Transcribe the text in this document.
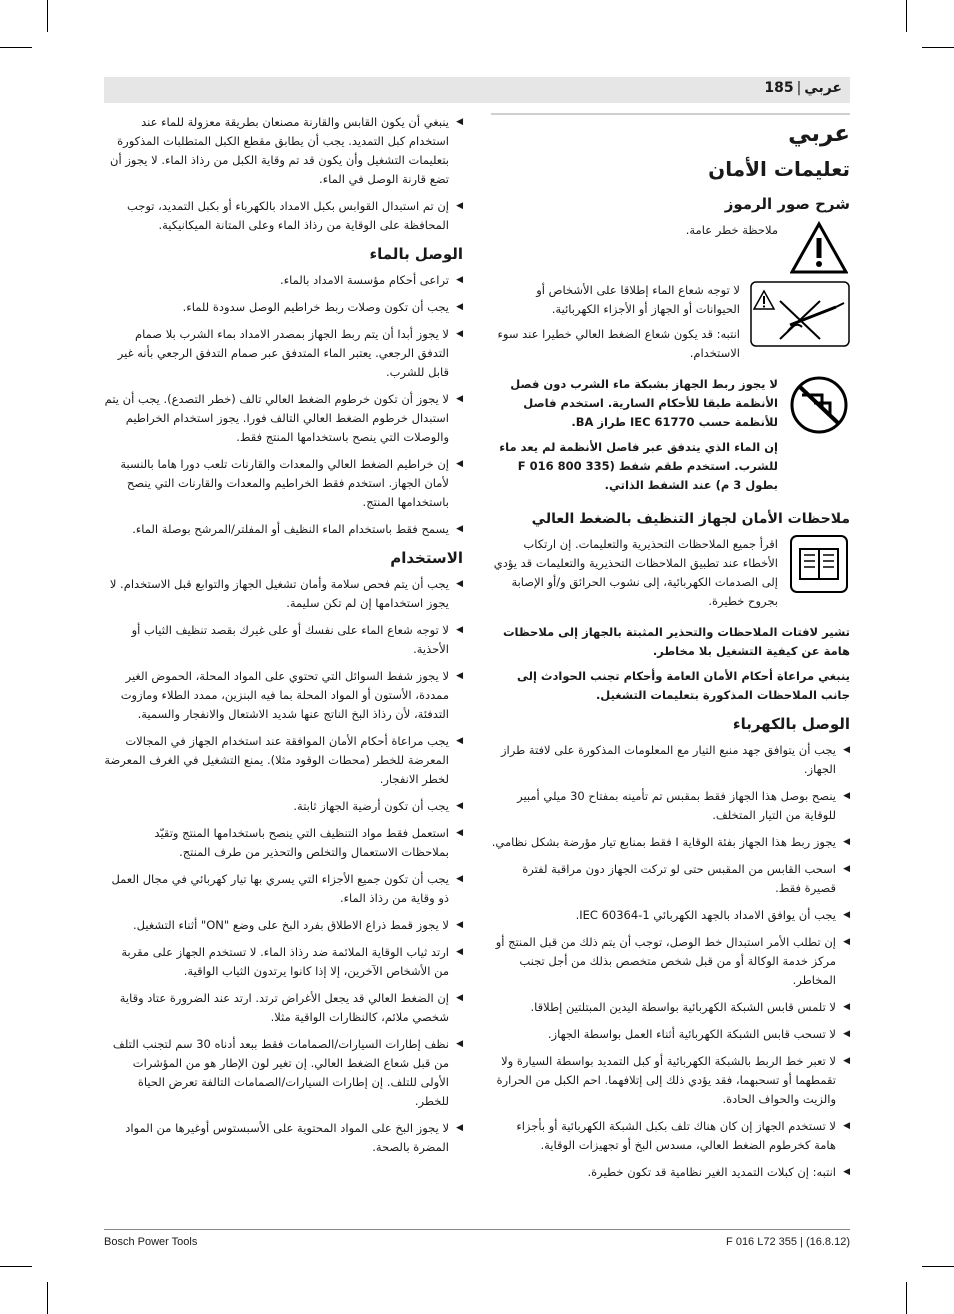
عربي|185
عربي
تعليمات الأمان
شرح صور الرموز
ملاحظة خطر عامة.
لا توجه شعاع الماء إطلاقا على الأشخاص أو الحيوانات أو الجهاز أو الأجزاء الكهربائية.
انتبه: قد يكون شعاع الضغط العالي خطيرا عند سوء الاستخدام.
لا يجوز ربط الجهاز بشبكة ماء الشرب دون فصل الأنظمة طبقا للأحكام السارية. استخدم فاصل للأنظمة حسب IEC 61770 طراز BA.
إن الماء الذي يتدفق عبر فاصل الأنظمة لم يعد ماء للشرب. استخدم طقم شفط (F 016 800 335 بطول 3 م) عند الشفط الذاتي.
ملاحظات الأمان لجهاز التنظيف بالضغط العالي
اقرأ جميع الملاحظات التحذيرية والتعليمات. إن ارتكاب الأخطاء عند تطبيق الملاحظات التحذيرية والتعليمات قد يؤدي إلى الصدمات الكهربائية، إلى نشوب الحرائق و/أو الإصابة بجروح خطيرة.
تشير لافتات الملاحظات والتحذير المثبتة بالجهاز إلى ملاحظات هامة عن كيفية التشغيل بلا مخاطر.
ينبغي مراعاة أحكام الأمان العامة وأحكام تجنب الحوادث إلى جانب الملاحظات المذكورة بتعليمات التشغيل.
الوصل بالكهرباء
◀ يجب أن يتوافق جهد منبع التيار مع المعلومات المذكورة على لافتة طراز الجهاز.
◀ ينصح بوصل هذا الجهاز فقط بمقبس تم تأمينه بمفتاح 30 ميلي أمبير للوقاية من التيار المتخلف.
◀ يجوز ربط هذا الجهاز بفئة الوقاية I فقط بمنابع تيار مؤرضة بشكل نظامي.
◀ اسحب القابس من المقبس حتى لو تركت الجهاز دون مراقبة لفترة قصيرة فقط.
◀ يجب أن يوافق الامداد بالجهد الكهربائي IEC 60364-1.
◀ إن تطلب الأمر استبدال خط الوصل، توجب أن يتم ذلك من قبل المنتج أو مركز خدمة الوكالة أو من قبل شخص متخصص بذلك من أجل تجنب المخاطر.
◀ لا تلمس قابس الشبكة الكهربائية بواسطة اليدين المبتلتين إطلاقا.
◀ لا تسحب قابس الشبكة الكهربائية أثناء العمل بواسطة الجهاز.
◀ لا تعبر خط الربط بالشبكة الكهربائية أو كبل التمديد بواسطة السيارة ولا تقمطهما أو تسحبهما، فقد يؤدي ذلك إلى إتلافهما. احم الكبل من الحرارة والزيت والحواف الحادة.
◀ لا تستخدم الجهاز إن كان هناك تلف بكبل الشبكة الكهربائية أو بأجزاء هامة كخرطوم الضغط العالي، مسدس البخ أو تجهيزات الوقاية.
◀ انتبه: إن كبلات التمديد الغير نظامية قد تكون خطيرة.
◀ ينبغي أن يكون القابس والقارنة مصنعان بطريقة معزولة للماء عند استخدام كبل التمديد. يجب أن يطابق مقطع الكبل المتطلبات المذكورة بتعليمات التشغيل وأن يكون قد تم وقاية الكبل من رذاذ الماء. لا يجوز أن تضع قارنة الوصل في الماء.
◀ إن تم استبدال القوابس بكبل الامداد بالكهرباء أو بكبل التمديد، توجب المحافظة على الوقاية من رذاذ الماء وعلى المتانة الميكانيكية.
الوصل بالماء
◀ تراعى أحكام مؤسسة الامداد بالماء.
◀ يجب أن تكون وصلات ربط خراطيم الوصل سدودة للماء.
◀ لا يجوز أبدا أن يتم ربط الجهاز بمصدر الامداد بماء الشرب بلا صمام التدفق الرجعي. يعتبر الماء المتدفق عبر صمام التدفق الرجعي بأنه غير قابل للشرب.
◀ لا يجوز أن تكون خرطوم الضغط العالي تالف (خطر التصدع). يجب أن يتم استبدال خرطوم الضغط العالي التالف فورا. يجوز استخدام الخراطيم والوصلات التي ينصح باستخدامها المنتج فقط.
◀ إن خراطيم الضغط العالي والمعدات والقارنات تلعب دورا هاما بالنسبة لأمان الجهاز. استخدم فقط الخراطيم والمعدات والقارنات التي ينصح باستخدامها المنتج.
◀ يسمح فقط باستخدام الماء النظيف أو المفلتر/المرشح بوصلة الماء.
الاستخدام
◀ يجب أن يتم فحص سلامة وأمان تشغيل الجهاز والتوابع قبل الاستخدام. لا يجوز استخدامها إن لم تكن سليمة.
◀ لا توجه شعاع الماء على نفسك أو على غيرك بقصد تنظيف الثياب أو الأحذية.
◀ لا يجوز شفط السوائل التي تحتوي على المواد المحلة، الحموض الغير ممددة، الأستون أو المواد المحلة بما فيه البنزين، ممدد الطلاء ومازوت التدفئة، لأن رذاذ البخ الناتج عنها شديد الاشتعال والانفجار والسمية.
◀ يجب مراعاة أحكام الأمان الموافقة عند استخدام الجهاز في المجالات المعرضة للخطر (محطات الوقود مثلا). يمنع التشغيل في الغرف المعرضة لخطر الانفجار.
◀ يجب أن تكون أرضية الجهاز ثابتة.
◀ استعمل فقط مواد التنظيف التي ينصح باستخدامها المنتج وتقيّد بملاحظات الاستعمال والتخلص والتحذير من طرف المنتج.
◀ يجب أن تكون جميع الأجزاء التي يسري بها تيار كهربائي في مجال العمل ذو وقاية من رذاذ الماء.
◀ لا يجوز قمط ذراع الاطلاق بفرد البخ على وضع "ON" أثناء التشغيل.
◀ ارتد ثياب الوقاية الملائمة ضد رذاذ الماء. لا تستخدم الجهاز على مقربة من الأشخاص الآخرين، إلا إذا كانوا يرتدون الثياب الواقية.
◀ إن الضغط العالي قد يجعل الأغراض ترتد. ارتد عند الضرورة عتاد وقاية شخصي ملائم، كالنظارات الواقية مثلا.
◀ نظف إطارات السيارات/الصمامات فقط ببعد أدناه 30 سم لتجنب التلف من قبل شعاع الضغط العالي. إن تغير لون الإطار هو من المؤشرات الأولى للتلف. إن إطارات السيارات/الصمامات التالفة تعرض الحياة للخطر.
◀ لا يجوز البخ على المواد المحتوية على الأسبستوس أوغيرها من المواد المضرة بالصحة.
Bosch Power Tools	F 016 L72 355 | (16.8.12)
